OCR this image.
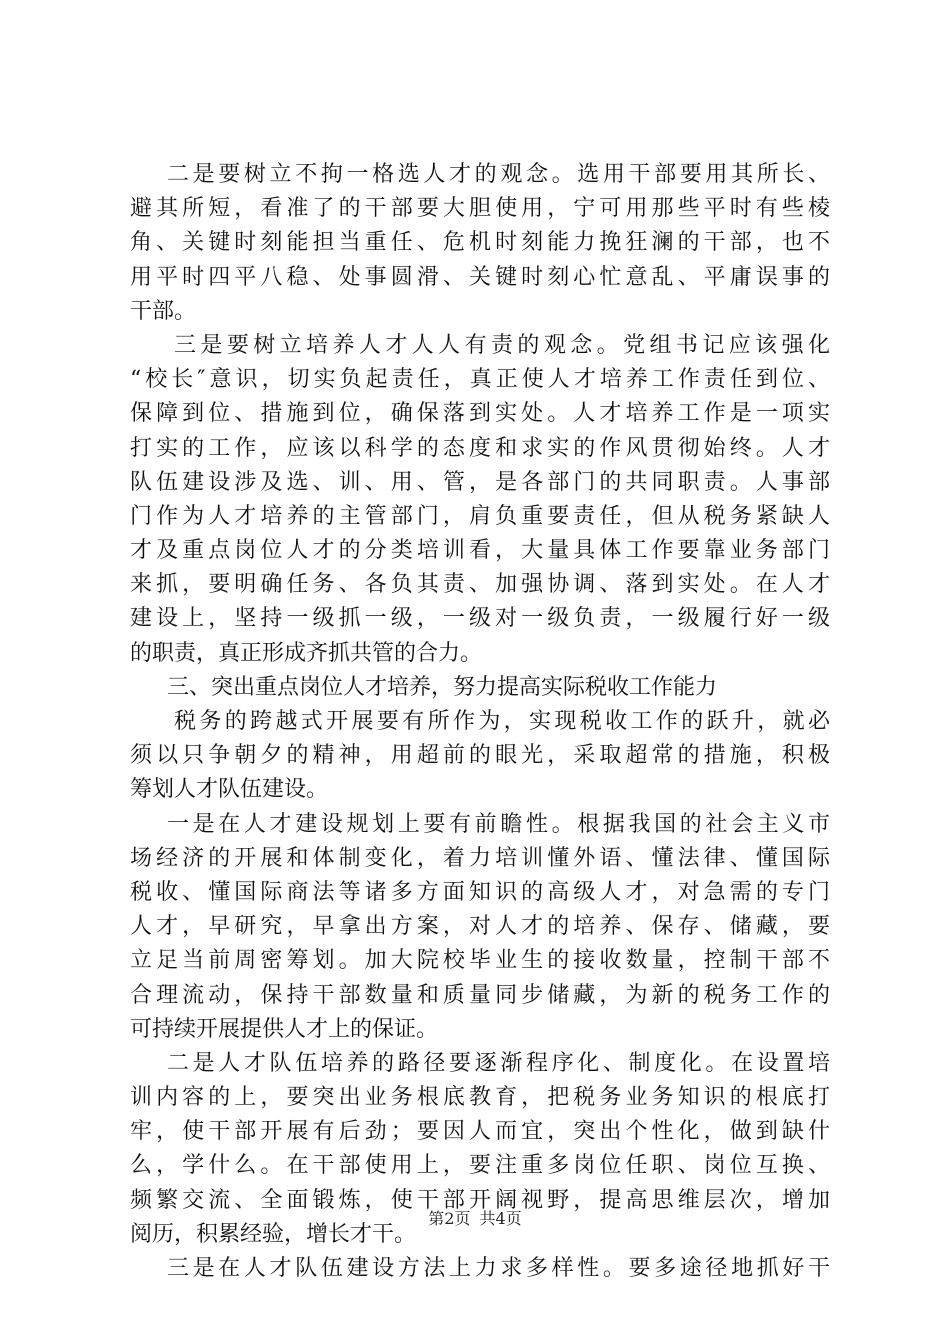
二是要树立不拘一格选人才的观念。选用干部要用其所长、
避其所短，看准了的干部要大胆使用，宁可用那些平时有些棱
角、关键时刻能担当重任、危机时刻能力挽狂澜的干部，也不
用平时四平八稳、处事圆滑、关键时刻心忙意乱、平庸误事的
干部。
三是要树立培养人才人人有责的观念。党组书记应该强化
“校长″意识，切实负起责任，真正使人才培养工作责任到位、
保障到位、措施到位，确保落到实处。人才培养工作是一项实
打实的工作，应该以科学的态度和求实的作风贯彻始终。人才
队伍建设涉及选、训、用、管，是各部门的共同职责。人事部
门作为人才培养的主管部门，肩负重要责任，但从税务紧缺人
才及重点岗位人才的分类培训看，大量具体工作要靠业务部门
来抓，要明确任务、各负其责、加强协调、落到实处。在人才
建设上，坚持一级抓一级，一级对一级负责，一级履行好一级
的职责，真正形成齐抓共管的合力。
三、突出重点岗位人才培养，努力提高实际税收工作能力
税务的跨越式开展要有所作为，实现税收工作的跃升，就必
须以只争朝夕的精神，用超前的眼光，采取超常的措施，积极
筹划人才队伍建设。
一是在人才建设规划上要有前瞻性。根据我国的社会主义市
场经济的开展和体制变化，着力培训懂外语、懂法律、懂国际
税收、懂国际商法等诸多方面知识的高级人才，对急需的专门
人才，早研究，早拿出方案，对人才的培养、保存、储藏，要
立足当前周密筹划。加大院校毕业生的接收数量，控制干部不
合理流动，保持干部数量和质量同步储藏，为新的税务工作的
可持续开展提供人才上的保证。
二是人才队伍培养的路径要逐渐程序化、制度化。在设置培
训内容的上，要突出业务根底教育，把税务业务知识的根底打
牢，使干部开展有后劲；要因人而宜，突出个性化，做到缺什
么，学什么。在干部使用上，要注重多岗位任职、岗位互换、
频繁交流、全面锻炼，使干部开阔视野，提高思维层次，增加
阅历，积累经验，增长才干。
三是在人才队伍建设方法上力求多样性。要多途径地抓好干
第2页 共4页
